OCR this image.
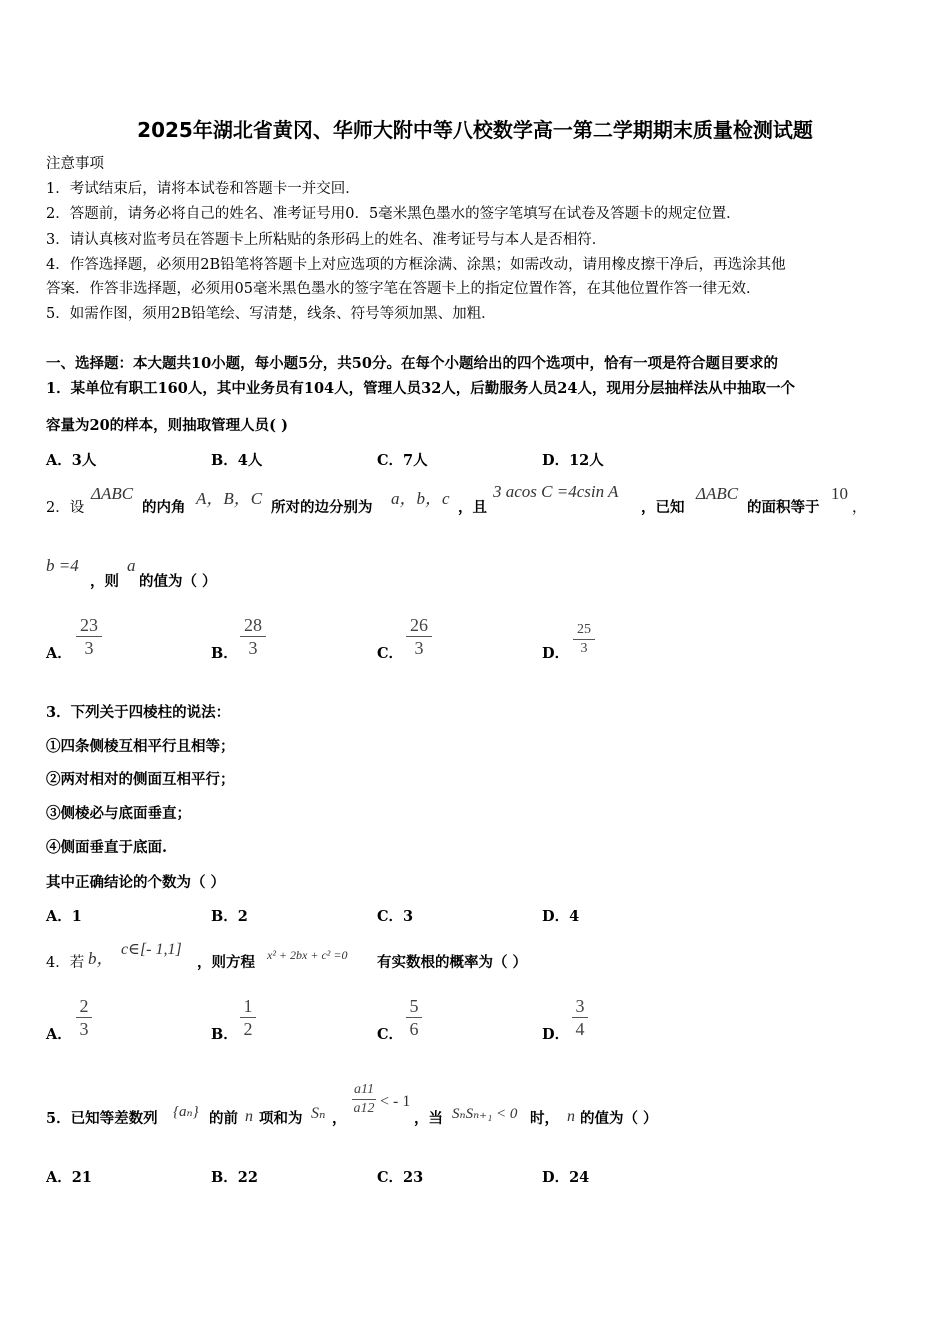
2025年湖北省黄冈、华师大附中等八校数学高一第二学期期末质量检测试题
注意事项
1．考试结束后，请将本试卷和答题卡一并交回．
2．答题前，请务必将自己的姓名、准考证号用0．5毫米黑色墨水的签字笔填写在试卷及答题卡的规定位置．
3．请认真核对监考员在答题卡上所粘贴的条形码上的姓名、准考证号与本人是否相符．
4．作答选择题，必须用2B铅笔将答题卡上对应选项的方框涂满、涂黑；如需改动，请用橡皮擦干净后，再选涂其他
答案．作答非选择题，必须用05毫米黑色墨水的签字笔在答题卡上的指定位置作答，在其他位置作答一律无效．
5．如需作图，须用2B铅笔绘、写清楚，线条、符号等须加黑、加粗．
一、选择题：本大题共10小题，每小题5分，共50分。在每个小题给出的四个选项中，恰有一项是符合题目要求的
1．某单位有职工160人，其中业务员有104人，管理人员32人，后勤服务人员24人，现用分层抽样法从中抽取一个
容量为20的样本，则抽取管理人员( )
A．3人	B．4人	C．7人	D．12人
2．设
ΔABC
的内角 A，B，C 所对的边分别为 a，b，c ，且
3 acos C =4csin A
，已知
ΔABC
的面积等于
10
，
b =4
，则
a
的值为（ ）
A．
23
3	B．
28
3	C．
26
3	D．
25
3
3．下列关于四棱柱的说法：
①四条侧棱互相平行且相等；
②两对相对的侧面互相平行；
③侧棱必与底面垂直；
④侧面垂直于底面.
其中正确结论的个数为（ ）
A．1	B．2	C．3	D．4
4．若 b， c∈[- 1,1]
，则方程 x² + 2bx + c² =0 有实数根的概率为（ ）
A．
2
3	B．
1
2	C．
5
6	D．
3
4
5．已知等差数列 {aₙ} 的前 n 项和为 Sₙ ，
a11
a12 < - 1
，当 SₙSₙ₊₁ < 0 时， n 的值为（ ）
A．21	B．22	C．23	D．24
